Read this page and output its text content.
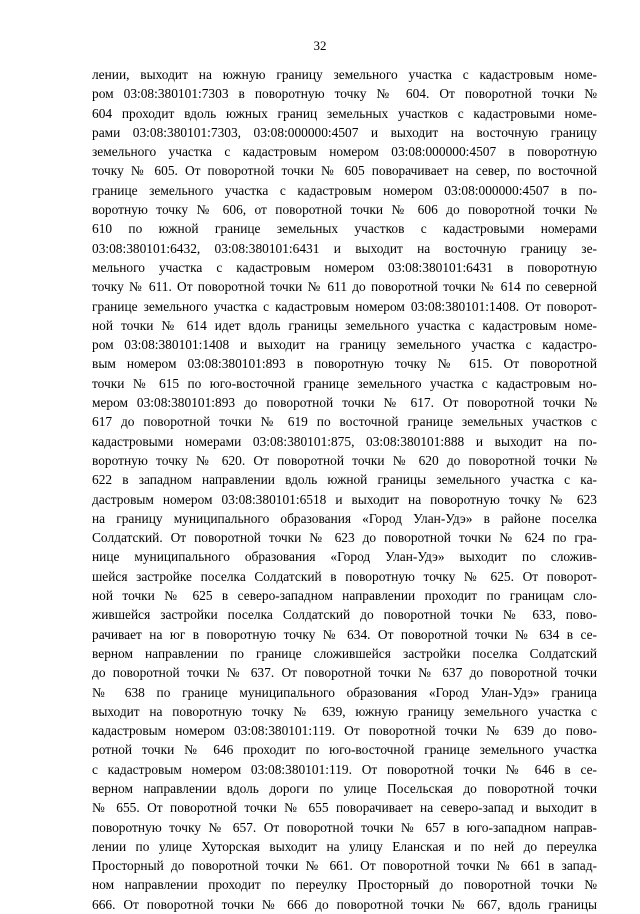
32
лении, выходит на южную границу земельного участка с кадастровым номе-
ром 03:08:380101:7303 в поворотную точку № 604. От поворотной точки №
604 проходит вдоль южных границ земельных участков с кадастровыми номе-
рами 03:08:380101:7303, 03:08:000000:4507 и выходит на восточную границу
земельного участка с кадастровым номером 03:08:000000:4507 в поворотную
точку № 605. От поворотной точки № 605 поворачивает на север, по восточной
границе земельного участка с кадастровым номером 03:08:000000:4507 в по-
воротную точку № 606, от поворотной точки № 606 до поворотной точки №
610 по южной границе земельных участков с кадастровыми номерами
03:08:380101:6432, 03:08:380101:6431 и выходит на восточную границу зе-
мельного участка с кадастровым номером 03:08:380101:6431 в поворотную
точку № 611. От поворотной точки № 611 до поворотной точки № 614 по северной
границе земельного участка с кадастровым номером 03:08:380101:1408. От поворот-
ной точки № 614 идет вдоль границы земельного участка с кадастровым номе-
ром 03:08:380101:1408 и выходит на границу земельного участка с кадастро-
вым номером 03:08:380101:893 в поворотную точку № 615. От поворотной
точки № 615 по юго-восточной границе земельного участка с кадастровым но-
мером 03:08:380101:893 до поворотной точки № 617. От поворотной точки №
617 до поворотной точки № 619 по восточной границе земельных участков с
кадастровыми номерами 03:08:380101:875, 03:08:380101:888 и выходит на по-
воротную точку № 620. От поворотной точки № 620 до поворотной точки №
622 в западном направлении вдоль южной границы земельного участка с ка-
дастровым номером 03:08:380101:6518 и выходит на поворотную точку № 623
на границу муниципального образования «Город Улан-Удэ» в районе поселка
Солдатский. От поворотной точки № 623 до поворотной точки № 624 по гра-
нице муниципального образования «Город Улан-Удэ» выходит по сложив-
шейся застройке поселка Солдатский в поворотную точку № 625. От поворот-
ной точки № 625 в северо-западном направлении проходит по границам сло-
жившейся застройки поселка Солдатский до поворотной точки № 633, пово-
рачивает на юг в поворотную точку № 634. От поворотной точки № 634 в се-
верном направлении по границе сложившейся застройки поселка Солдатский
до поворотной точки № 637. От поворотной точки № 637 до поворотной точки
№ 638 по границе муниципального образования «Город Улан-Удэ» граница
выходит на поворотную точку № 639, южную границу земельного участка с
кадастровым номером 03:08:380101:119. От поворотной точки № 639 до пово-
ротной точки № 646 проходит по юго-восточной границе земельного участка
с кадастровым номером 03:08:380101:119. От поворотной точки № 646 в се-
верном направлении вдоль дороги по улице Посельская до поворотной точки
№ 655. От поворотной точки № 655 поворачивает на северо-запад и выходит в
поворотную точку № 657. От поворотной точки № 657 в юго-западном направ-
лении по улице Хуторская выходит на улицу Еланская и по ней до переулка
Просторный до поворотной точки № 661. От поворотной точки № 661 в запад-
ном направлении проходит по переулку Просторный до поворотной точки №
666. От поворотной точки № 666 до поворотной точки № 667, вдоль границы
